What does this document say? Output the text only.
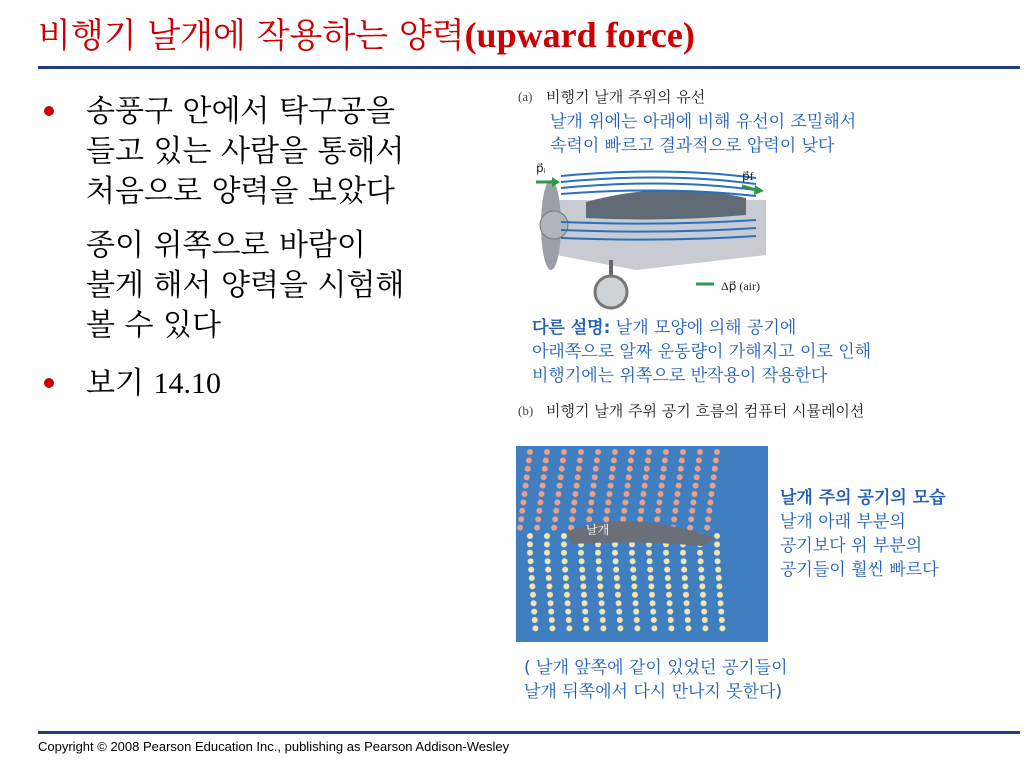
비행기 날개에 작용하는 양력(upward force)
송풍구 안에서 탁구공을
들고 있는 사람을 통해서
처음으로 양력을 보았다
종이 위쪽으로 바람이
불게 해서 양력을 시험해
볼 수 있다
보기 14.10
(a) 비행기 날개 주위의 유선
날개 위에는 아래에 비해 유선이 조밀해서
속력이 빠르고 결과적으로 압력이 낮다
p⃗ᵢ
p⃗f
Δp⃗ (air)
다른 설명: 날개 모양에 의해 공기에
아래쪽으로 알짜 운동량이 가해지고 이로 인해
비행기에는 위쪽으로 반작용이 작용한다
(b) 비행기 날개 주위 공기 흐름의 컴퓨터 시뮬레이션
날개
날개 주의 공기의 모습
날개 아래 부분의
공기보다 위 부분의
공기들이 훨씬 빠르다
( 날개 앞쪽에 같이 있었던 공기들이
날개 뒤쪽에서 다시 만나지 못한다)
Copyright © 2008 Pearson Education Inc., publishing as Pearson Addison-Wesley
